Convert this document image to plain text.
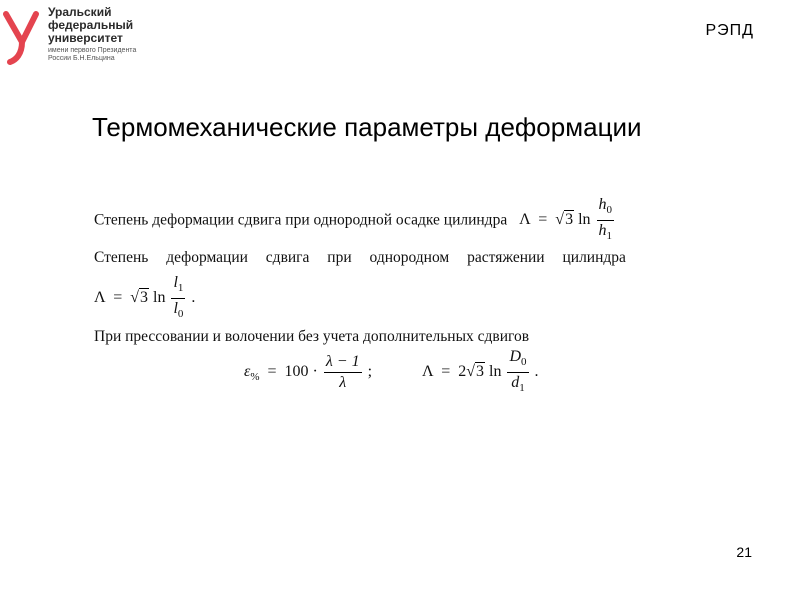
Уральский
федеральный
университет
имени первого Президента
России Б.Н.Ельцина
РЭПД
Термомеханические параметры деформации
Степень деформации сдвига при однородной осадке цилиндра Λ = √3 $\ln \frac{h_0}{h_1}$
Степень деформации сдвига при однородном растяжении цилиндра
Λ = √3 $\ln \frac{l_1}{l_0}$ .
При прессовании и волочении без учета дополнительных сдвигов
$\varepsilon_{\%} = 100 \cdot \frac{\lambda - 1}{\lambda}$ ;	Λ = 2√3 $\ln \frac{D_0}{d_1}$ .
21
